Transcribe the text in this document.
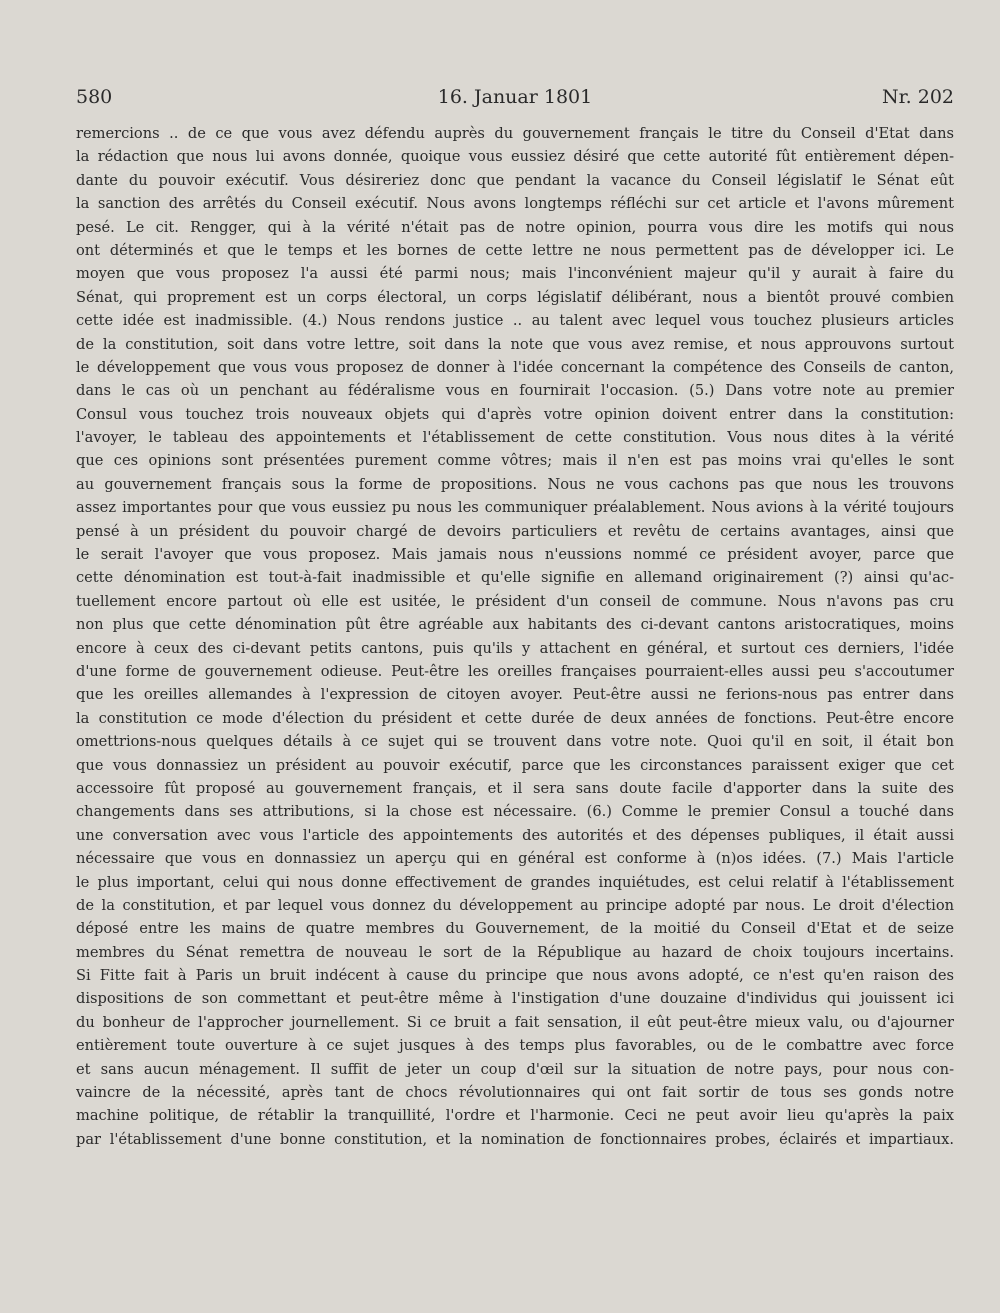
580	16. Januar 1801	Nr. 202
remercions .. de ce que vous avez défendu auprès du gouvernement français le titre du Conseil d'Etat dans
la rédaction que nous lui avons donnée, quoique vous eussiez désiré que cette autorité fût entièrement dépen-
dante du pouvoir exécutif. Vous désireriez donc que pendant la vacance du Conseil législatif le Sénat eût
la sanction des arrêtés du Conseil exécutif. Nous avons longtemps réfléchi sur cet article et l'avons mûrement
pesé. Le cit. Rengger, qui à la vérité n'était pas de notre opinion, pourra vous dire les motifs qui nous
ont déterminés et que le temps et les bornes de cette lettre ne nous permettent pas de développer ici. Le
moyen que vous proposez l'a aussi été parmi nous; mais l'inconvénient majeur qu'il y aurait à faire du
Sénat, qui proprement est un corps électoral, un corps législatif délibérant, nous a bientôt prouvé combien
cette idée est inadmissible. (4.) Nous rendons justice .. au talent avec lequel vous touchez plusieurs articles
de la constitution, soit dans votre lettre, soit dans la note que vous avez remise, et nous approuvons surtout
le développement que vous vous proposez de donner à l'idée concernant la compétence des Conseils de canton,
dans le cas où un penchant au fédéralisme vous en fournirait l'occasion. (5.) Dans votre note au premier
Consul vous touchez trois nouveaux objets qui d'après votre opinion doivent entrer dans la constitution:
l'avoyer, le tableau des appointements et l'établissement de cette constitution. Vous nous dites à la vérité
que ces opinions sont présentées purement comme vôtres; mais il n'en est pas moins vrai qu'elles le sont
au gouvernement français sous la forme de propositions. Nous ne vous cachons pas que nous les trouvons
assez importantes pour que vous eussiez pu nous les communiquer préalablement. Nous avions à la vérité toujours
pensé à un président du pouvoir chargé de devoirs particuliers et revêtu de certains avantages, ainsi que
le serait l'avoyer que vous proposez. Mais jamais nous n'eussions nommé ce président avoyer, parce que
cette dénomination est tout-à-fait inadmissible et qu'elle signifie en allemand originairement (?) ainsi qu'ac-
tuellement encore partout où elle est usitée, le président d'un conseil de commune. Nous n'avons pas cru
non plus que cette dénomination pût être agréable aux habitants des ci-devant cantons aristocratiques, moins
encore à ceux des ci-devant petits cantons, puis qu'ils y attachent en général, et surtout ces derniers, l'idée
d'une forme de gouvernement odieuse. Peut-être les oreilles françaises pourraient-elles aussi peu s'accoutumer
que les oreilles allemandes à l'expression de citoyen avoyer. Peut-être aussi ne ferions-nous pas entrer dans
la constitution ce mode d'élection du président et cette durée de deux années de fonctions. Peut-être encore
omettrions-nous quelques détails à ce sujet qui se trouvent dans votre note. Quoi qu'il en soit, il était bon
que vous donnassiez un président au pouvoir exécutif, parce que les circonstances paraissent exiger que cet
accessoire fût proposé au gouvernement français, et il sera sans doute facile d'apporter dans la suite des
changements dans ses attributions, si la chose est nécessaire. (6.) Comme le premier Consul a touché dans
une conversation avec vous l'article des appointements des autorités et des dépenses publiques, il était aussi
nécessaire que vous en donnassiez un aperçu qui en général est conforme à (n)os idées. (7.) Mais l'article
le plus important, celui qui nous donne effectivement de grandes inquiétudes, est celui relatif à l'établissement
de la constitution, et par lequel vous donnez du développement au principe adopté par nous. Le droit d'élection
déposé entre les mains de quatre membres du Gouvernement, de la moitié du Conseil d'Etat et de seize
membres du Sénat remettra de nouveau le sort de la République au hazard de choix toujours incertains.
Si Fitte fait à Paris un bruit indécent à cause du principe que nous avons adopté, ce n'est qu'en raison des
dispositions de son commettant et peut-être même à l'instigation d'une douzaine d'individus qui jouissent ici
du bonheur de l'approcher journellement. Si ce bruit a fait sensation, il eût peut-être mieux valu, ou d'ajourner
entièrement toute ouverture à ce sujet jusques à des temps plus favorables, ou de le combattre avec force
et sans aucun ménagement. Il suffit de jeter un coup d'œil sur la situation de notre pays, pour nous con-
vaincre de la nécessité, après tant de chocs révolutionnaires qui ont fait sortir de tous ses gonds notre
machine politique, de rétablir la tranquillité, l'ordre et l'harmonie. Ceci ne peut avoir lieu qu'après la paix
par l'établissement d'une bonne constitution, et la nomination de fonctionnaires probes, éclairés et impartiaux.
